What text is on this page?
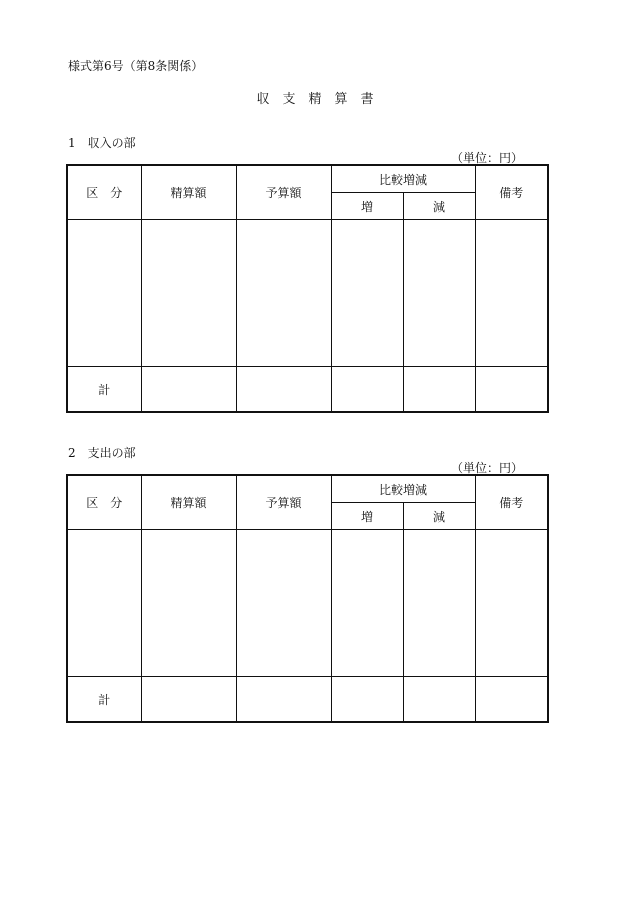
様式第6号（第8条関係）
収　支　精　算　書
1　収入の部
（単位：円）
区　分	精算額	予算額	比較増減		備考
			増	減	

計					
2　支出の部
（単位：円）
区　分	精算額	予算額	比較増減		備考
			増	減	

計					
